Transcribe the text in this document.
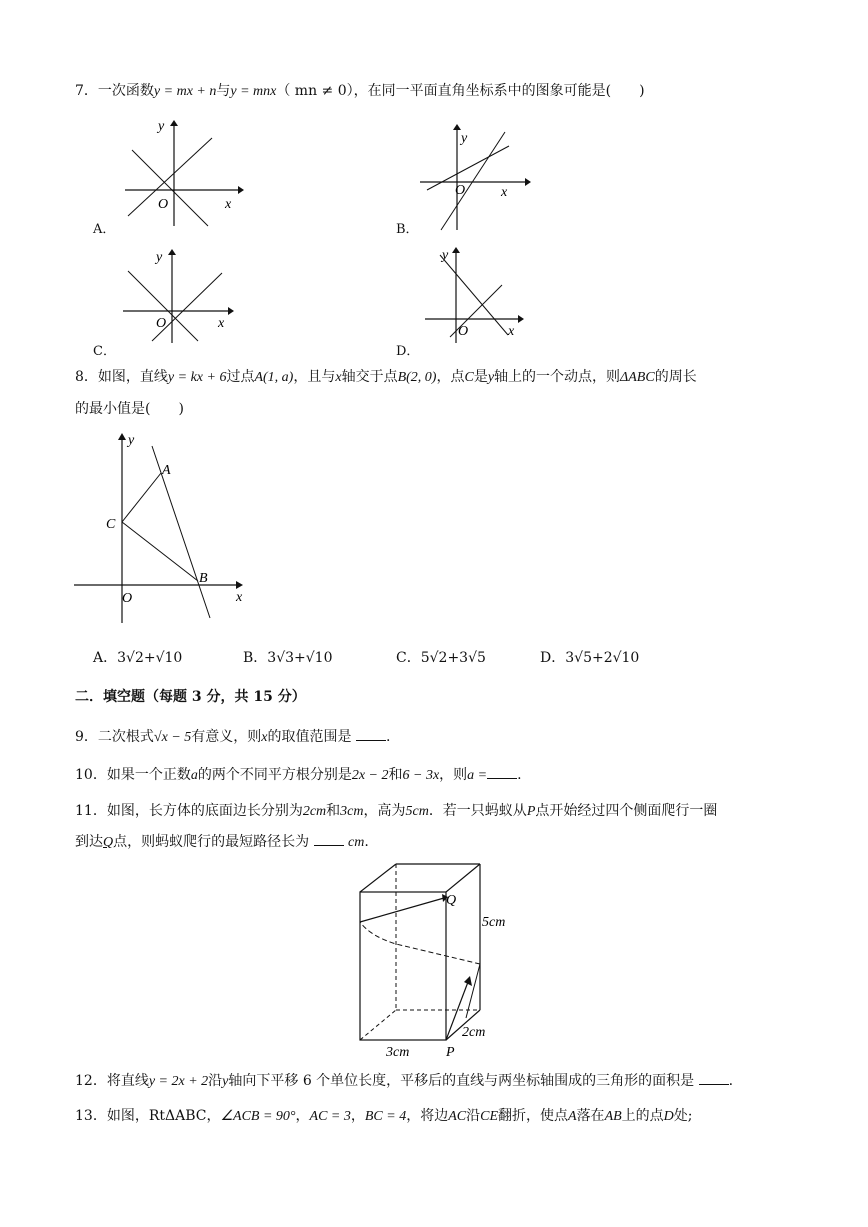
7．一次函数y = mx + n与y = mnx（ mn ≠ 0），在同一平面直角坐标系中的图象可能是(　　)
y
O	x
A．
y
O	x
B．
y
O	x
C．
y
O	x
D．
8．如图，直线y = kx + 6过点A(1, a)，且与x轴交于点B(2, 0)，点C是y轴上的一个动点，则ΔABC的周长
的最小值是(　　)
y
A
C
B
O	x
A．3√2+√10	B．3√3+√10	C．5√2+3√5	D．3√5+2√10
二．填空题（每题 3 分，共 15 分）
9．二次根式√x − 5有意义，则x的取值范围是 .
10．如果一个正数a的两个不同平方根分别是2x − 2和6 − 3x，则a = .
11．如图，长方体的底面边长分别为2cm和3cm，高为5cm．若一只蚂蚁从P点开始经过四个侧面爬行一圈
到达Q点，则蚂蚁爬行的最短路径长为	cm.
Q
5cm
2cm
3cm	P
12．将直线y = 2x + 2沿y轴向下平移 6 个单位长度，平移后的直线与两坐标轴围成的三角形的面积是 .
13．如图，RtΔABC，∠ACB = 90°，AC = 3，BC = 4，将边AC沿CE翻折，使点A落在AB上的点D处;
